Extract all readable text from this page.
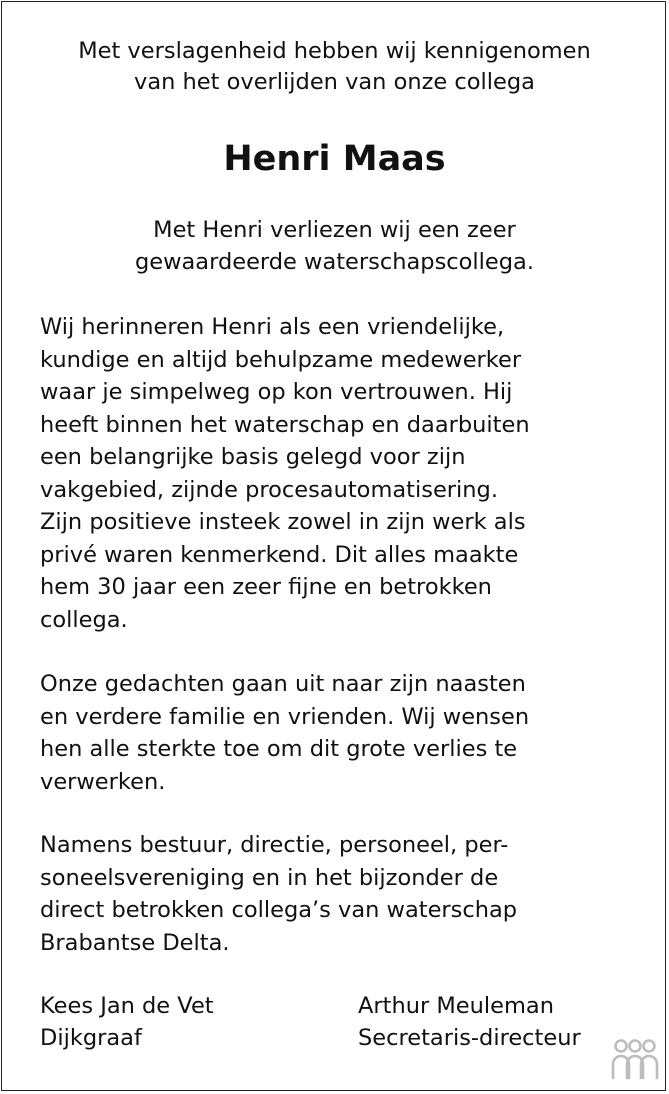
Met verslagenheid hebben wij kennigenomen
van het overlijden van onze collega
Henri Maas
Met Henri verliezen wij een zeer
gewaardeerde waterschapscollega.
Wij herinneren Henri als een vriendelijke,
kundige en altijd behulpzame medewerker
waar je simpelweg op kon vertrouwen. Hij
heeft binnen het waterschap en daarbuiten
een belangrijke basis gelegd voor zijn
vakgebied, zijnde procesautomatisering.
Zijn positieve insteek zowel in zijn werk als
privé waren kenmerkend. Dit alles maakte
hem 30 jaar een zeer fijne en betrokken
collega.
Onze gedachten gaan uit naar zijn naasten
en verdere familie en vrienden. Wij wensen
hen alle sterkte toe om dit grote verlies te
verwerken.
Namens bestuur, directie, personeel, per-
soneelsvereniging en in het bijzonder de
direct betrokken collega’s van waterschap
Brabantse Delta.
Kees Jan de Vet
Dijkgraaf
Arthur Meuleman
Secretaris-directeur
